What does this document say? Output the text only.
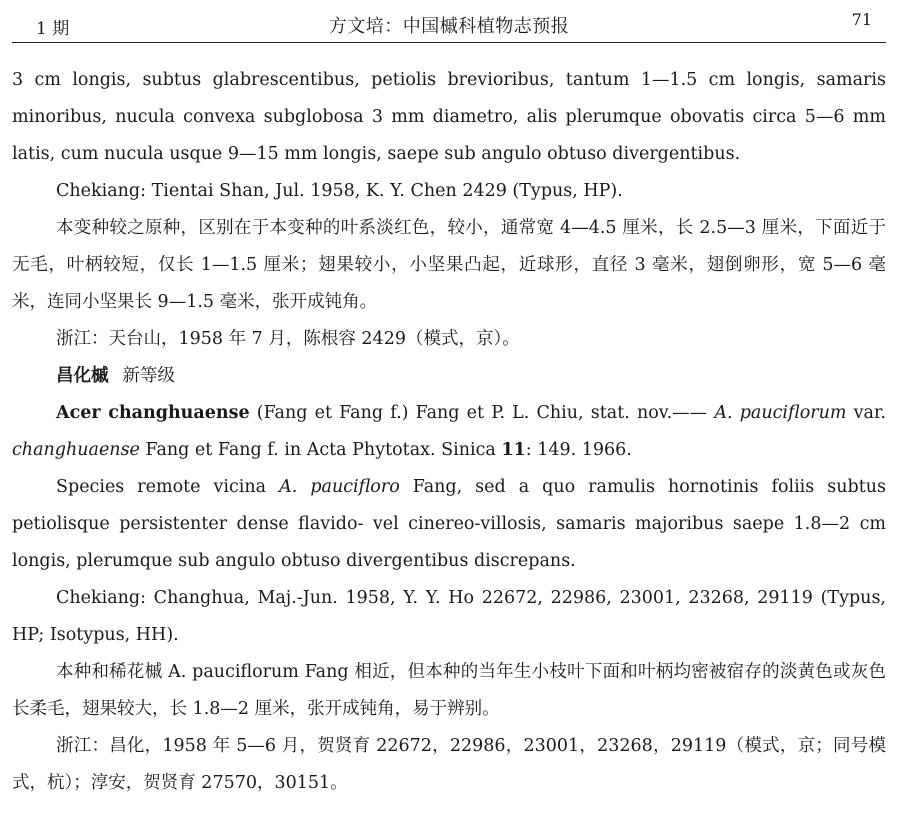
1 期	方文培：中国槭科植物志预报	71

3 cm longis, subtus glabrescentibus, petiolis brevioribus, tantum 1—1.5 cm longis, samaris minoribus, nucula convexa subglobosa 3 mm diametro, alis plerumque obovatis circa 5—6 mm latis, cum nucula usque 9—15 mm longis, saepe sub angulo obtuso divergentibus.

Chekiang: Tientai Shan, Jul. 1958, K. Y. Chen 2429 (Typus, HP).

本变种较之原种，区别在于本变种的叶系淡红色，较小，通常宽 4—4.5 厘米，长 2.5—3 厘米，下面近于无毛，叶柄较短，仅长 1—1.5 厘米；翅果较小，小坚果凸起，近球形，直径 3 毫米，翅倒卵形，宽 5—6 毫米，连同小坚果长 9—1.5 毫米，张开成钝角。

浙江：天台山，1958 年 7 月，陈根容 2429（模式，京）。

昌化槭 新等级

Acer changhuaense (Fang et Fang f.) Fang et P. L. Chiu, stat. nov.—— A. pauciflorum var. changhuaense Fang et Fang f. in Acta Phytotax. Sinica 11: 149. 1966.

Species remote vicina A. paucifloro Fang, sed a quo ramulis hornotinis foliis subtus petiolisque persistenter dense flavido- vel cinereo-villosis, samaris majoribus saepe 1.8—2 cm longis, plerumque sub angulo obtuso divergentibus discrepans.

Chekiang: Changhua, Maj.-Jun. 1958, Y. Y. Ho 22672, 22986, 23001, 23268, 29119 (Typus, HP; Isotypus, HH).

本种和稀花槭 A. pauciflorum Fang 相近，但本种的当年生小枝叶下面和叶柄均密被宿存的淡黄色或灰色长柔毛，翅果较大，长 1.8—2 厘米，张开成钝角，易于辨别。

浙江：昌化，1958 年 5—6 月，贺贤育 22672，22986，23001，23268，29119（模式，京；同号模式，杭）；淳安，贺贤育 27570，30151。
